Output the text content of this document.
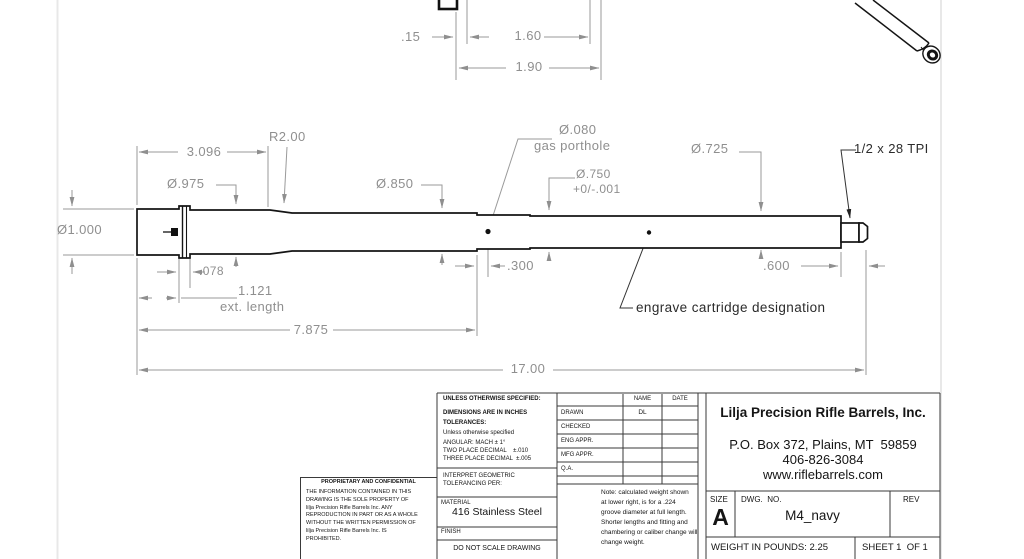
.15	1.60
1.90
Ø1.000
3.096
R2.00
Ø.975	Ø.850
Ø.080
gas porthole
Ø.750
+0/-.001
Ø.725	1/2 x 28 TPI
.078
1.121
ext. length
7.875
.300	.600
17.00
engrave cartridge designation
UNLESS OTHERWISE SPECIFIED:
DIMENSIONS ARE IN INCHES
TOLERANCES:
Unless otherwise specified
ANGULAR: MACH ± 1°
TWO PLACE DECIMAL    ±.010
THREE PLACE DECIMAL  ±.005
INTERPRET GEOMETRIC
TOLERANCING PER:
MATERIAL
416 Stainless Steel
FINISH
DO NOT SCALE DRAWING
NAME	DATE
DRAWN	DL
CHECKED
ENG APPR.
MFG APPR.
Q.A.
Note: calculated weight shown
at lower right, is for a .224
groove diameter at full length.
Shorter lengths and fitting and
chambering or caliber change will
change weight.
Lilja Precision Rifle Barrels, Inc.
P.O. Box 372, Plains, MT  59859
406-826-3084
www.riflebarrels.com
SIZE
A
DWG.  NO.
M4_navy
REV
WEIGHT IN POUNDS: 2.25	SHEET 1  OF 1
PROPRIETARY AND CONFIDENTIAL
THE INFORMATION CONTAINED IN THIS
DRAWING IS THE SOLE PROPERTY OF
lilja Precision Rifle Barrels Inc. ANY
REPRODUCTION IN PART OR AS A WHOLE
WITHOUT THE WRITTEN PERMISSION OF
lilja Precision Rifle Barrels Inc. IS
PROHIBITED.
